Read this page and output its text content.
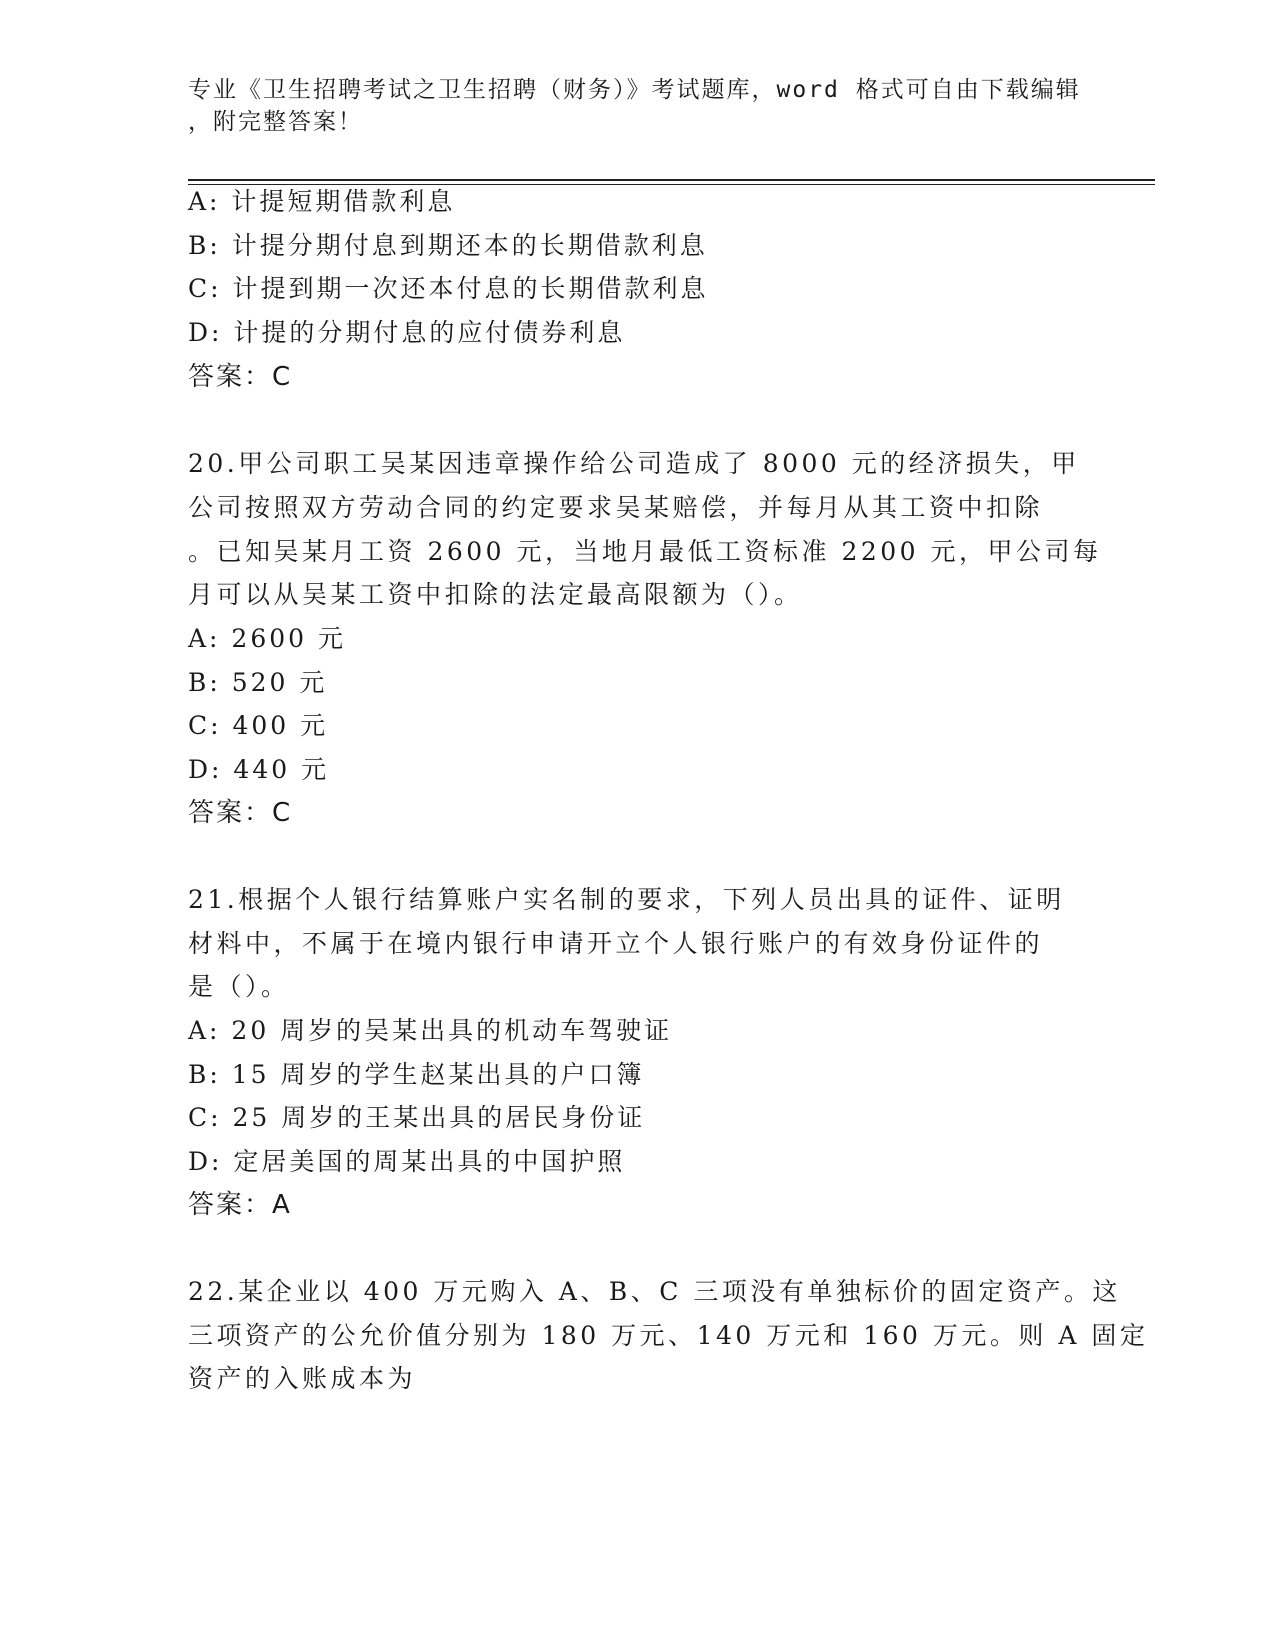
专业《卫生招聘考试之卫生招聘（财务）》考试题库，word 格式可自由下载编辑
，附完整答案！
A: 计提短期借款利息
B: 计提分期付息到期还本的长期借款利息
C: 计提到期一次还本付息的长期借款利息
D: 计提的分期付息的应付债券利息
答案：C
20.甲公司职工吴某因违章操作给公司造成了 8000 元的经济损失，甲
公司按照双方劳动合同的约定要求吴某赔偿，并每月从其工资中扣除
。已知吴某月工资 2600 元，当地月最低工资标准 2200 元，甲公司每
月可以从吴某工资中扣除的法定最高限额为（）。
A: 2600 元
B: 520 元
C: 400 元
D: 440 元
答案：C
21.根据个人银行结算账户实名制的要求，下列人员出具的证件、证明
材料中，不属于在境内银行申请开立个人银行账户的有效身份证件的
是（）。
A: 20 周岁的吴某出具的机动车驾驶证
B: 15 周岁的学生赵某出具的户口簿
C: 25 周岁的王某出具的居民身份证
D: 定居美国的周某出具的中国护照
答案：A
22.某企业以 400 万元购入 A、B、C 三项没有单独标价的固定资产。这
三项资产的公允价值分别为 180 万元、140 万元和 160 万元。则 A 固定
资产的入账成本为
